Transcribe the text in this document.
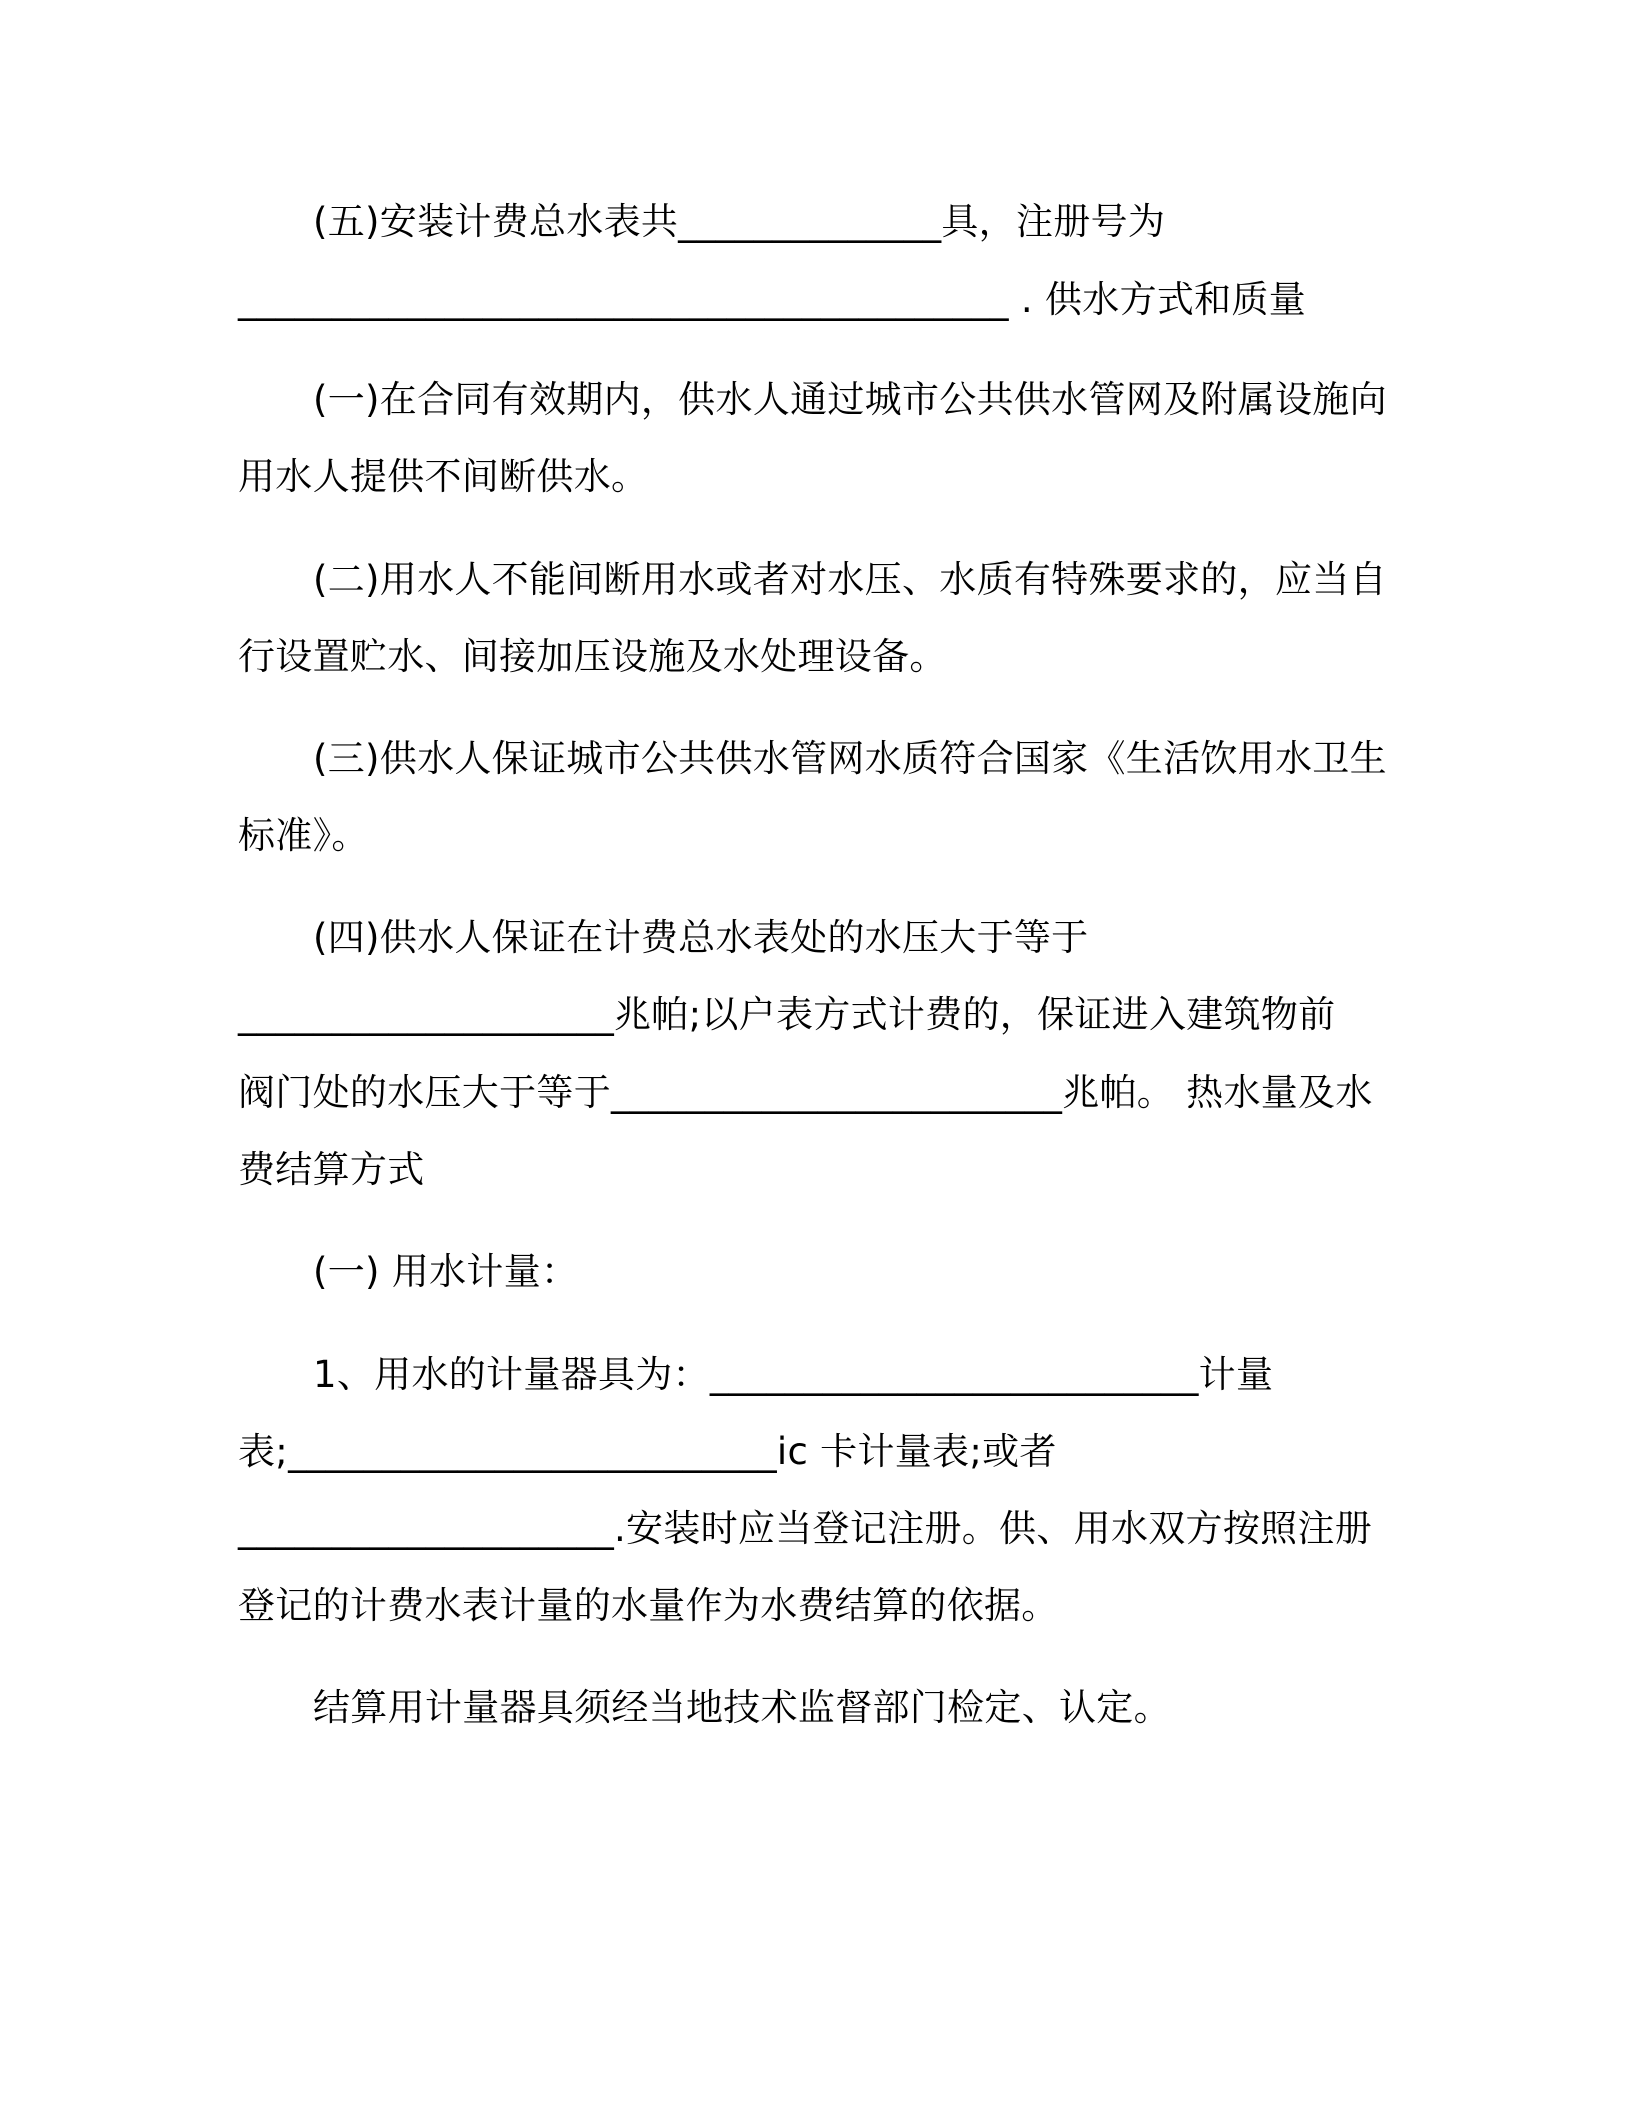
(五)安装计费总水表共______________具，注册号为
_________________________________________ . 供水方式和质量
(一)在合同有效期内，供水人通过城市公共供水管网及附属设施向
用水人提供不间断供水。
(二)用水人不能间断用水或者对水压、水质有特殊要求的，应当自
行设置贮水、间接加压设施及水处理设备。
(三)供水人保证城市公共供水管网水质符合国家《生活饮用水卫生
标准》。
(四)供水人保证在计费总水表处的水压大于等于
____________________兆帕;以户表方式计费的，保证进入建筑物前
阀门处的水压大于等于________________________兆帕。 热水量及水
费结算方式
(一) 用水计量：
1、用水的计量器具为：__________________________计量
表;__________________________ic 卡计量表;或者
____________________.安装时应当登记注册。供、用水双方按照注册
登记的计费水表计量的水量作为水费结算的依据。
结算用计量器具须经当地技术监督部门检定、认定。
